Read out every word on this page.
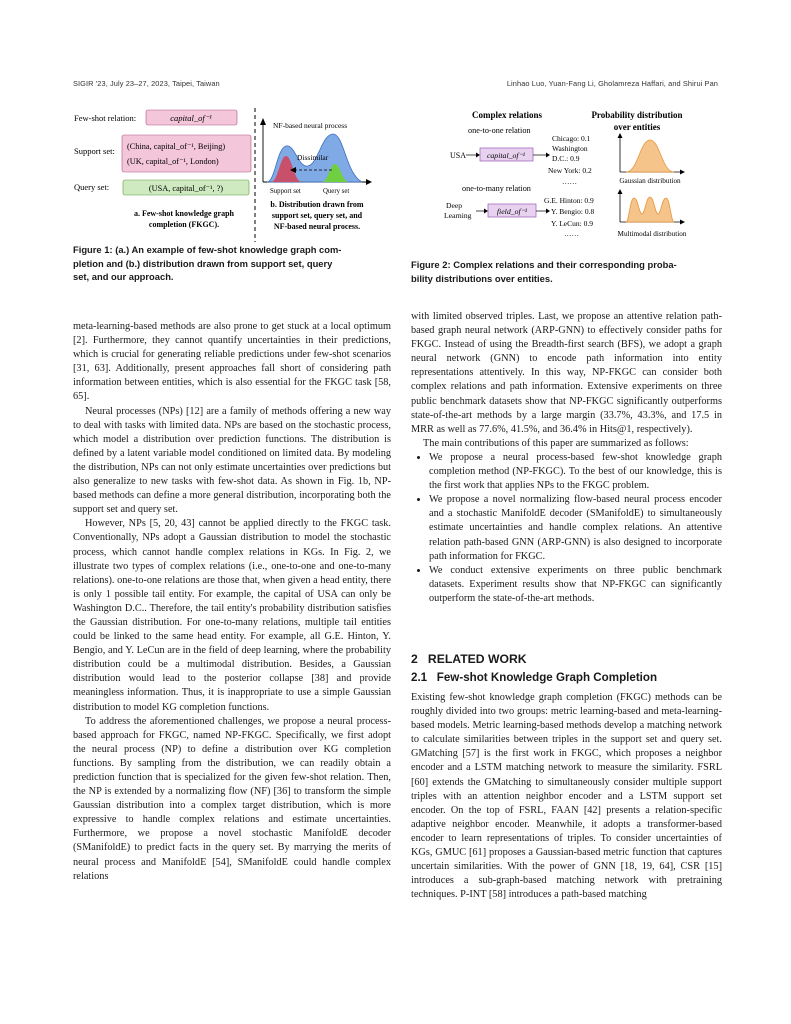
SIGIR '23, July 23–27, 2023, Taipei, Taiwan	Linhao Luo, Yuan-Fang Li, Gholamreza Haffari, and Shirui Pan
Few-shot relation:	capital_of⁻¹
Support set: (China, capital_of⁻¹, Beijing)
(UK, capital_of⁻¹, London)
Query set:	(USA, capital_of⁻¹, ?)
a. Few-shot knowledge graph
completion (FKGC).
NF-based neural process
Dissimilar
Support set	Query set
b. Distribution drawn from
support set, query set, and
NF-based neural process.
Figure 1: (a.) An example of few-shot knowledge graph com-
pletion and (b.) distribution drawn from support set, query
set, and our approach.
Complex relations	Probability distribution
over entities
one-to-one relation
USA	capital_of⁻¹
Chicago: 0.1
Washington
D.C.: 0.9
New York: 0.2
……	Gaussian distribution
one-to-many relation
Deep
Learning	field_of⁻¹
G.E. Hinton: 0.9
Y. Bengio: 0.8
Y. LeCun: 0.9
……	Multimodal distribution
Figure 2: Complex relations and their corresponding proba-
bility distributions over entities.

meta-learning-based methods are also prone to get stuck at a local optimum [2]. Furthermore, they cannot quantify uncertainties in their predictions, which is crucial for generating reliable predictions under few-shot scenarios [31, 63]. Additionally, present approaches fall short of considering path information between entities, which is also essential for the FKGC task [58, 65].

Neural processes (NPs) [12] are a family of methods offering a new way to deal with tasks with limited data. NPs are based on the stochastic process, which model a distribution over prediction functions. The distribution is defined by a latent variable model conditioned on limited data. By modeling the distribution, NPs can not only estimate uncertainties over predictions but also generalize to new tasks with few-shot data. As shown in Fig. 1b, NP-based methods can define a more general distribution, incorporating both the support set and query set.

However, NPs [5, 20, 43] cannot be applied directly to the FKGC task. Conventionally, NPs adopt a Gaussian distribution to model the stochastic process, which cannot handle complex relations in KGs. In Fig. 2, we illustrate two types of complex relations (i.e., one-to-one and one-to-many relations). one-to-one relations are those that, when given a head entity, there is only 1 possible tail entity. For example, the capital of USA can only be Washington D.C.. Therefore, the tail entity's probability distribution satisfies the Gaussian distribution. For one-to-many relations, multiple tail entities could be linked to the same head entity. For example, all G.E. Hinton, Y. Bengio, and Y. LeCun are in the field of deep learning, where the probability distribution could be a multimodal distribution. Besides, a Gaussian distribution would lead to the posterior collapse [38] and provide meaningless information. Thus, it is inappropriate to use a simple Gaussian distribution to model KG completion functions.

To address the aforementioned challenges, we propose a neural process-based approach for FKGC, named NP-FKGC. Specifically, we first adopt the neural process (NP) to define a distribution over KG completion functions. By sampling from the distribution, we can readily obtain a prediction function that is specialized for the given few-shot relation. Then, the NP is extended by a normalizing flow (NF) [36] to transform the simple Gaussian distribution into a complex target distribution, which is more expressive to handle complex relations and estimate uncertainties. Furthermore, we propose a novel stochastic ManifoldE decoder (SManifoldE) to predict facts in the query set. By marrying the merits of neural process and ManifoldE [54], SManifoldE could handle complex relations

with limited observed triples. Last, we propose an attentive relation path-based graph neural network (ARP-GNN) to effectively consider paths for FKGC. Instead of using the Breadth-first search (BFS), we adopt a graph neural network (GNN) to encode path information into entity representations attentively. In this way, NP-FKGC can consider both complex relations and path information. Extensive experiments on three public benchmark datasets show that NP-FKGC significantly outperforms state-of-the-art methods by a large margin (33.7%, 43.3%, and 17.5 in MRR as well as 77.6%, 41.5%, and 36.4% in Hits@1, respectively).

The main contributions of this paper are summarized as follows:

• We propose a neural process-based few-shot knowledge graph completion method (NP-FKGC). To the best of our knowledge, this is the first work that applies NPs to the FKGC problem.
• We propose a novel normalizing flow-based neural process encoder and a stochastic ManifoldE decoder (SManifoldE) to simultaneously estimate uncertainties and handle complex relations. An attentive relation path-based GNN (ARP-GNN) is also designed to incorporate path information for FKGC.
• We conduct extensive experiments on three public benchmark datasets. Experiment results show that NP-FKGC can significantly outperform the state-of-the-art methods.
2   RELATED WORK
2.1   Few-shot Knowledge Graph Completion

Existing few-shot knowledge graph completion (FKGC) methods can be roughly divided into two groups: metric learning-based and meta-learning-based models. Metric learning-based methods develop a matching network to calculate similarities between triples in the support set and query set. GMatching [57] is the first work in FKGC, which proposes a neighbor encoder and a LSTM matching network to measure the similarity. FSRL [60] extends the GMatching to simultaneously consider multiple support triples with an attention neighbor encoder and a LSTM support set encoder. On the top of FSRL, FAAN [42] presents a relation-specific adaptive neighbor encoder. Meanwhile, it adopts a transformer-based encoder to learn representations of triples. To consider uncertainties of KGs, GMUC [61] proposes a Gaussian-based metric function that captures uncertain similarities. With the power of GNN [18, 19, 64], CSR [15] introduces a sub-graph-based matching network with pretraining techniques. P-INT [58] introduces a path-based matching
